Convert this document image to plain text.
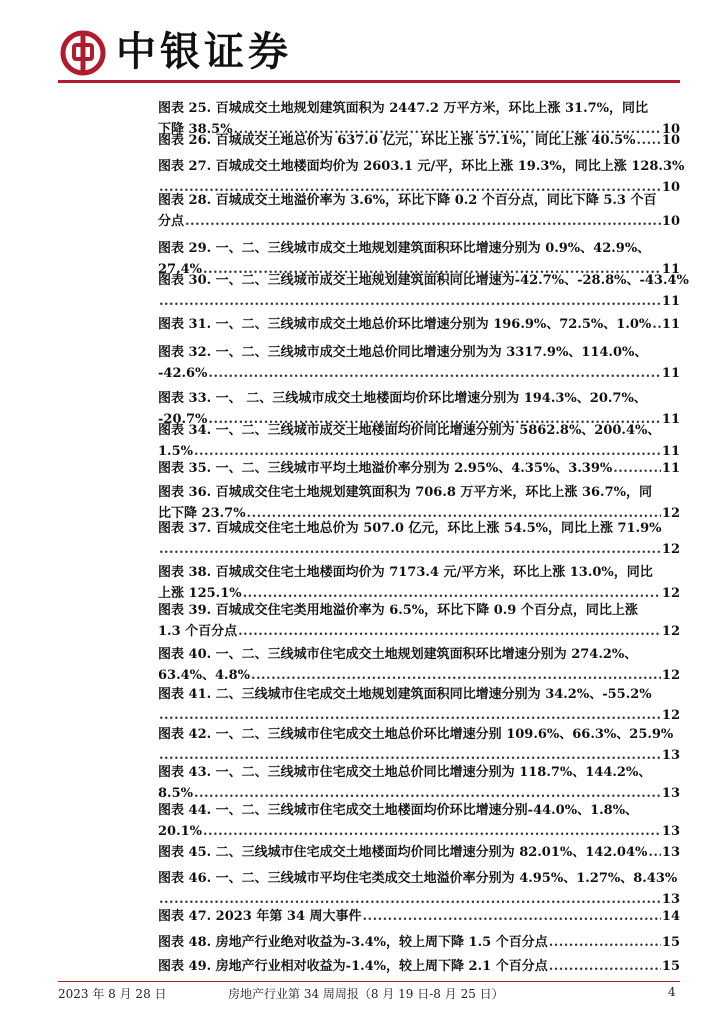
中银证券
图表 25. 百城成交土地规划建筑面积为 2447.2 万平方米，环比上涨 31.7%，同比
下降 38.5% .....	10
图表 26. 百城成交土地总价为 637.0 亿元，环比上涨 57.1%，同比上涨 40.5% ..... 10
图表 27. 百城成交土地楼面均价为 2603.1 元/平，环比上涨 19.3%，同比上涨 128.3%
.....
10
图表 28. 百城成交土地溢价率为 3.6%，环比下降 0.2 个百分点，同比下降 5.3 个百
分点 .....	10
图表 29. 一、二、三线城市成交土地规划建筑面积环比增速分别为 0.9%、42.9%、
27.4% .....	11
图表 30. 一、二、三线城市成交土地规划建筑面积同比增速为-42.7%、-28.8%、-43.4%
.....
11
图表 31. 一、二、三线城市成交土地总价环比增速分别为 196.9%、72.5%、1.0% ..... 11
图表 32. 一、二、三线城市成交土地总价同比增速分别为为 3317.9%、114.0%、
-42.6% .....	11
图表 33. 一、 二、三线城市成交土地楼面均价环比增速分别为 194.3%、20.7%、
-20.7% .....	11
图表 34. 一、二、三线城市成交土地楼面均价同比增速分别为 5862.8%、200.4%、
1.5% .....	11
图表 35. 一、二、三线城市平均土地溢价率分别为 2.95%、4.35%、3.39% .....	11
图表 36. 百城成交住宅土地规划建筑面积为 706.8 万平方米，环比上涨 36.7%，同
比下降 23.7% .....	12
图表 37. 百城成交住宅土地总价为 507.0 亿元，环比上涨 54.5%，同比上涨 71.9%
.....
12
图表 38. 百城成交住宅土地楼面均价为 7173.4 元/平方米，环比上涨 13.0%，同比
上涨 125.1% .....	12
图表 39. 百城成交住宅类用地溢价率为 6.5%，环比下降 0.9 个百分点，同比上涨
1.3 个百分点 .....	12
图表 40. 一、二、三线城市住宅成交土地规划建筑面积环比增速分别为 274.2%、
63.4%、4.8% .....	12
图表 41. 二、三线城市住宅成交土地规划建筑面积同比增速分别为 34.2%、-55.2%
.....
12
图表 42. 一、二、三线城市住宅成交土地总价环比增速分别 109.6%、66.3%、25.9%
.....
13
图表 43. 一、二、三线城市住宅成交土地总价同比增速分别为 118.7%、144.2%、
8.5% .....	13
图表 44. 一、二、三线城市住宅成交土地楼面均价环比增速分别-44.0%、1.8%、
20.1% .....	13
图表 45. 二、三线城市住宅成交土地楼面均价同比增速分别为 82.01%、142.04% ..... 13
图表 46. 一、二、三线城市平均住宅类成交土地溢价率分别为 4.95%、1.27%、8.43%
.....
13
图表 47. 2023 年第 34 周大事件 .....	14
图表 48. 房地产行业绝对收益为-3.4%，较上周下降 1.5 个百分点 .....	15
图表 49. 房地产行业相对收益为-1.4%，较上周下降 2.1 个百分点 .....	15
2023 年 8 月 28 日	房地产行业第 34 周周报（8 月 19 日-8 月 25 日）	4
